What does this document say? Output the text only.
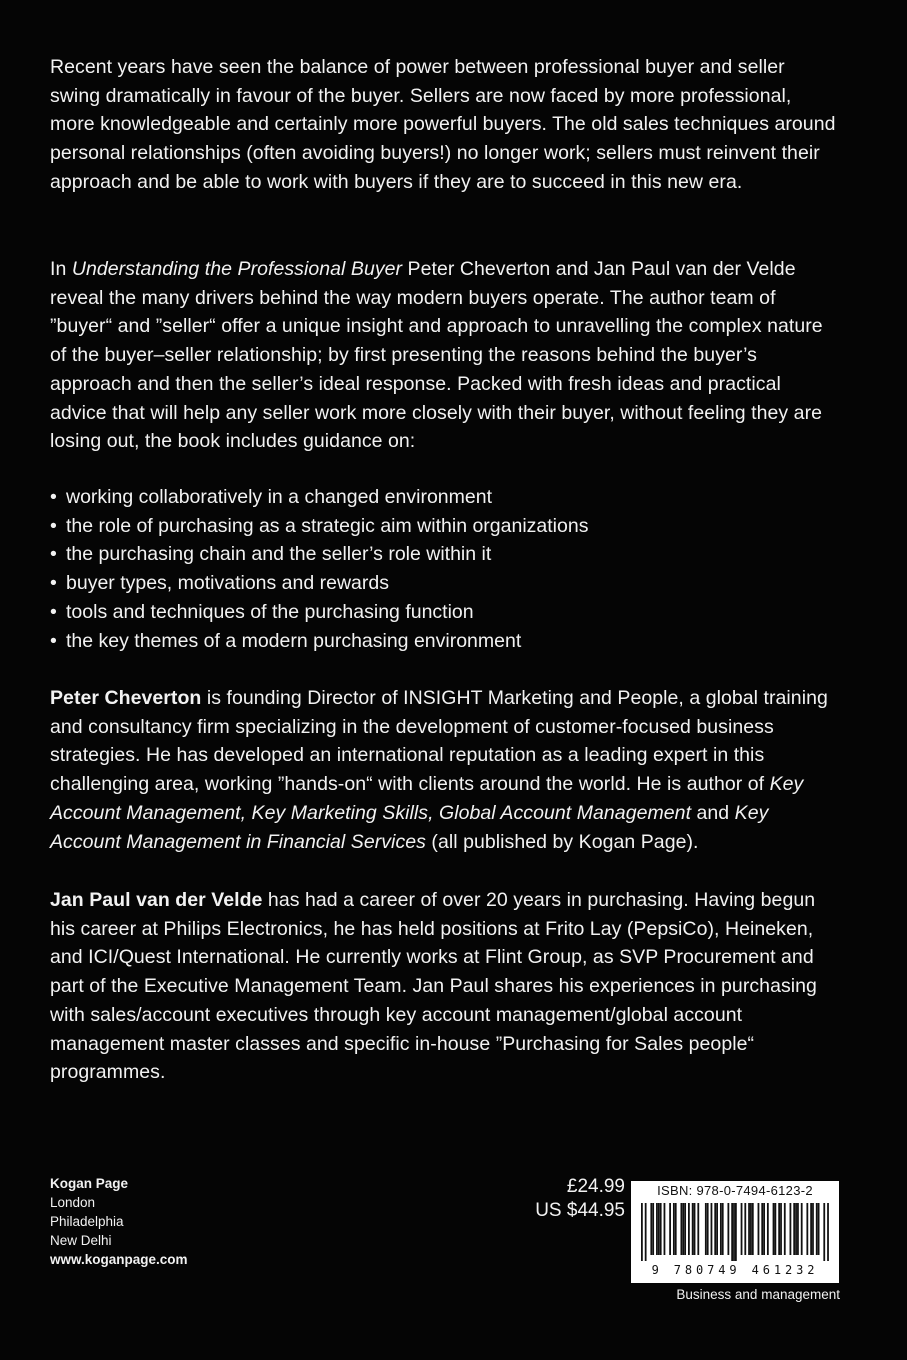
Recent years have seen the balance of power between professional buyer and seller swing dramatically in favour of the buyer. Sellers are now faced by more professional, more knowledgeable and certainly more powerful buyers. The old sales techniques around personal relationships (often avoiding buyers!) no longer work; sellers must reinvent their approach and be able to work with buyers if they are to succeed in this new era.

In Understanding the Professional Buyer Peter Cheverton and Jan Paul van der Velde reveal the many drivers behind the way modern buyers operate. The author team of ”buyer“ and ”seller“ offer a unique insight and approach to unravelling the complex nature of the buyer–seller relationship; by first presenting the reasons behind the buyer’s approach and then the seller’s ideal response. Packed with fresh ideas and practical advice that will help any seller work more closely with their buyer, without feeling they are losing out, the book includes guidance on:

• working collaboratively in a changed environment
• the role of purchasing as a strategic aim within organizations
• the purchasing chain and the seller’s role within it
• buyer types, motivations and rewards
• tools and techniques of the purchasing function
• the key themes of a modern purchasing environment

Peter Cheverton is founding Director of INSIGHT Marketing and People, a global training and consultancy firm specializing in the development of customer-focused business strategies. He has developed an international reputation as a leading expert in this challenging area, working ”hands-on“ with clients around the world. He is author of Key Account Management, Key Marketing Skills, Global Account Management and Key Account Management in Financial Services (all published by Kogan Page).

Jan Paul van der Velde has had a career of over 20 years in purchasing. Having begun his career at Philips Electronics, he has held positions at Frito Lay (PepsiCo), Heineken, and ICI/Quest International. He currently works at Flint Group, as SVP Procurement and part of the Executive Management Team. Jan Paul shares his experiences in purchasing with sales/account executives through key account management/global account management master classes and specific in-house ”Purchasing for Sales people“ programmes.

Kogan Page
London
Philadelphia
New Delhi
www.koganpage.com
£24.99
US $44.95
ISBN: 978-0-7494-6123-2
9 780749 461232
Business and management
